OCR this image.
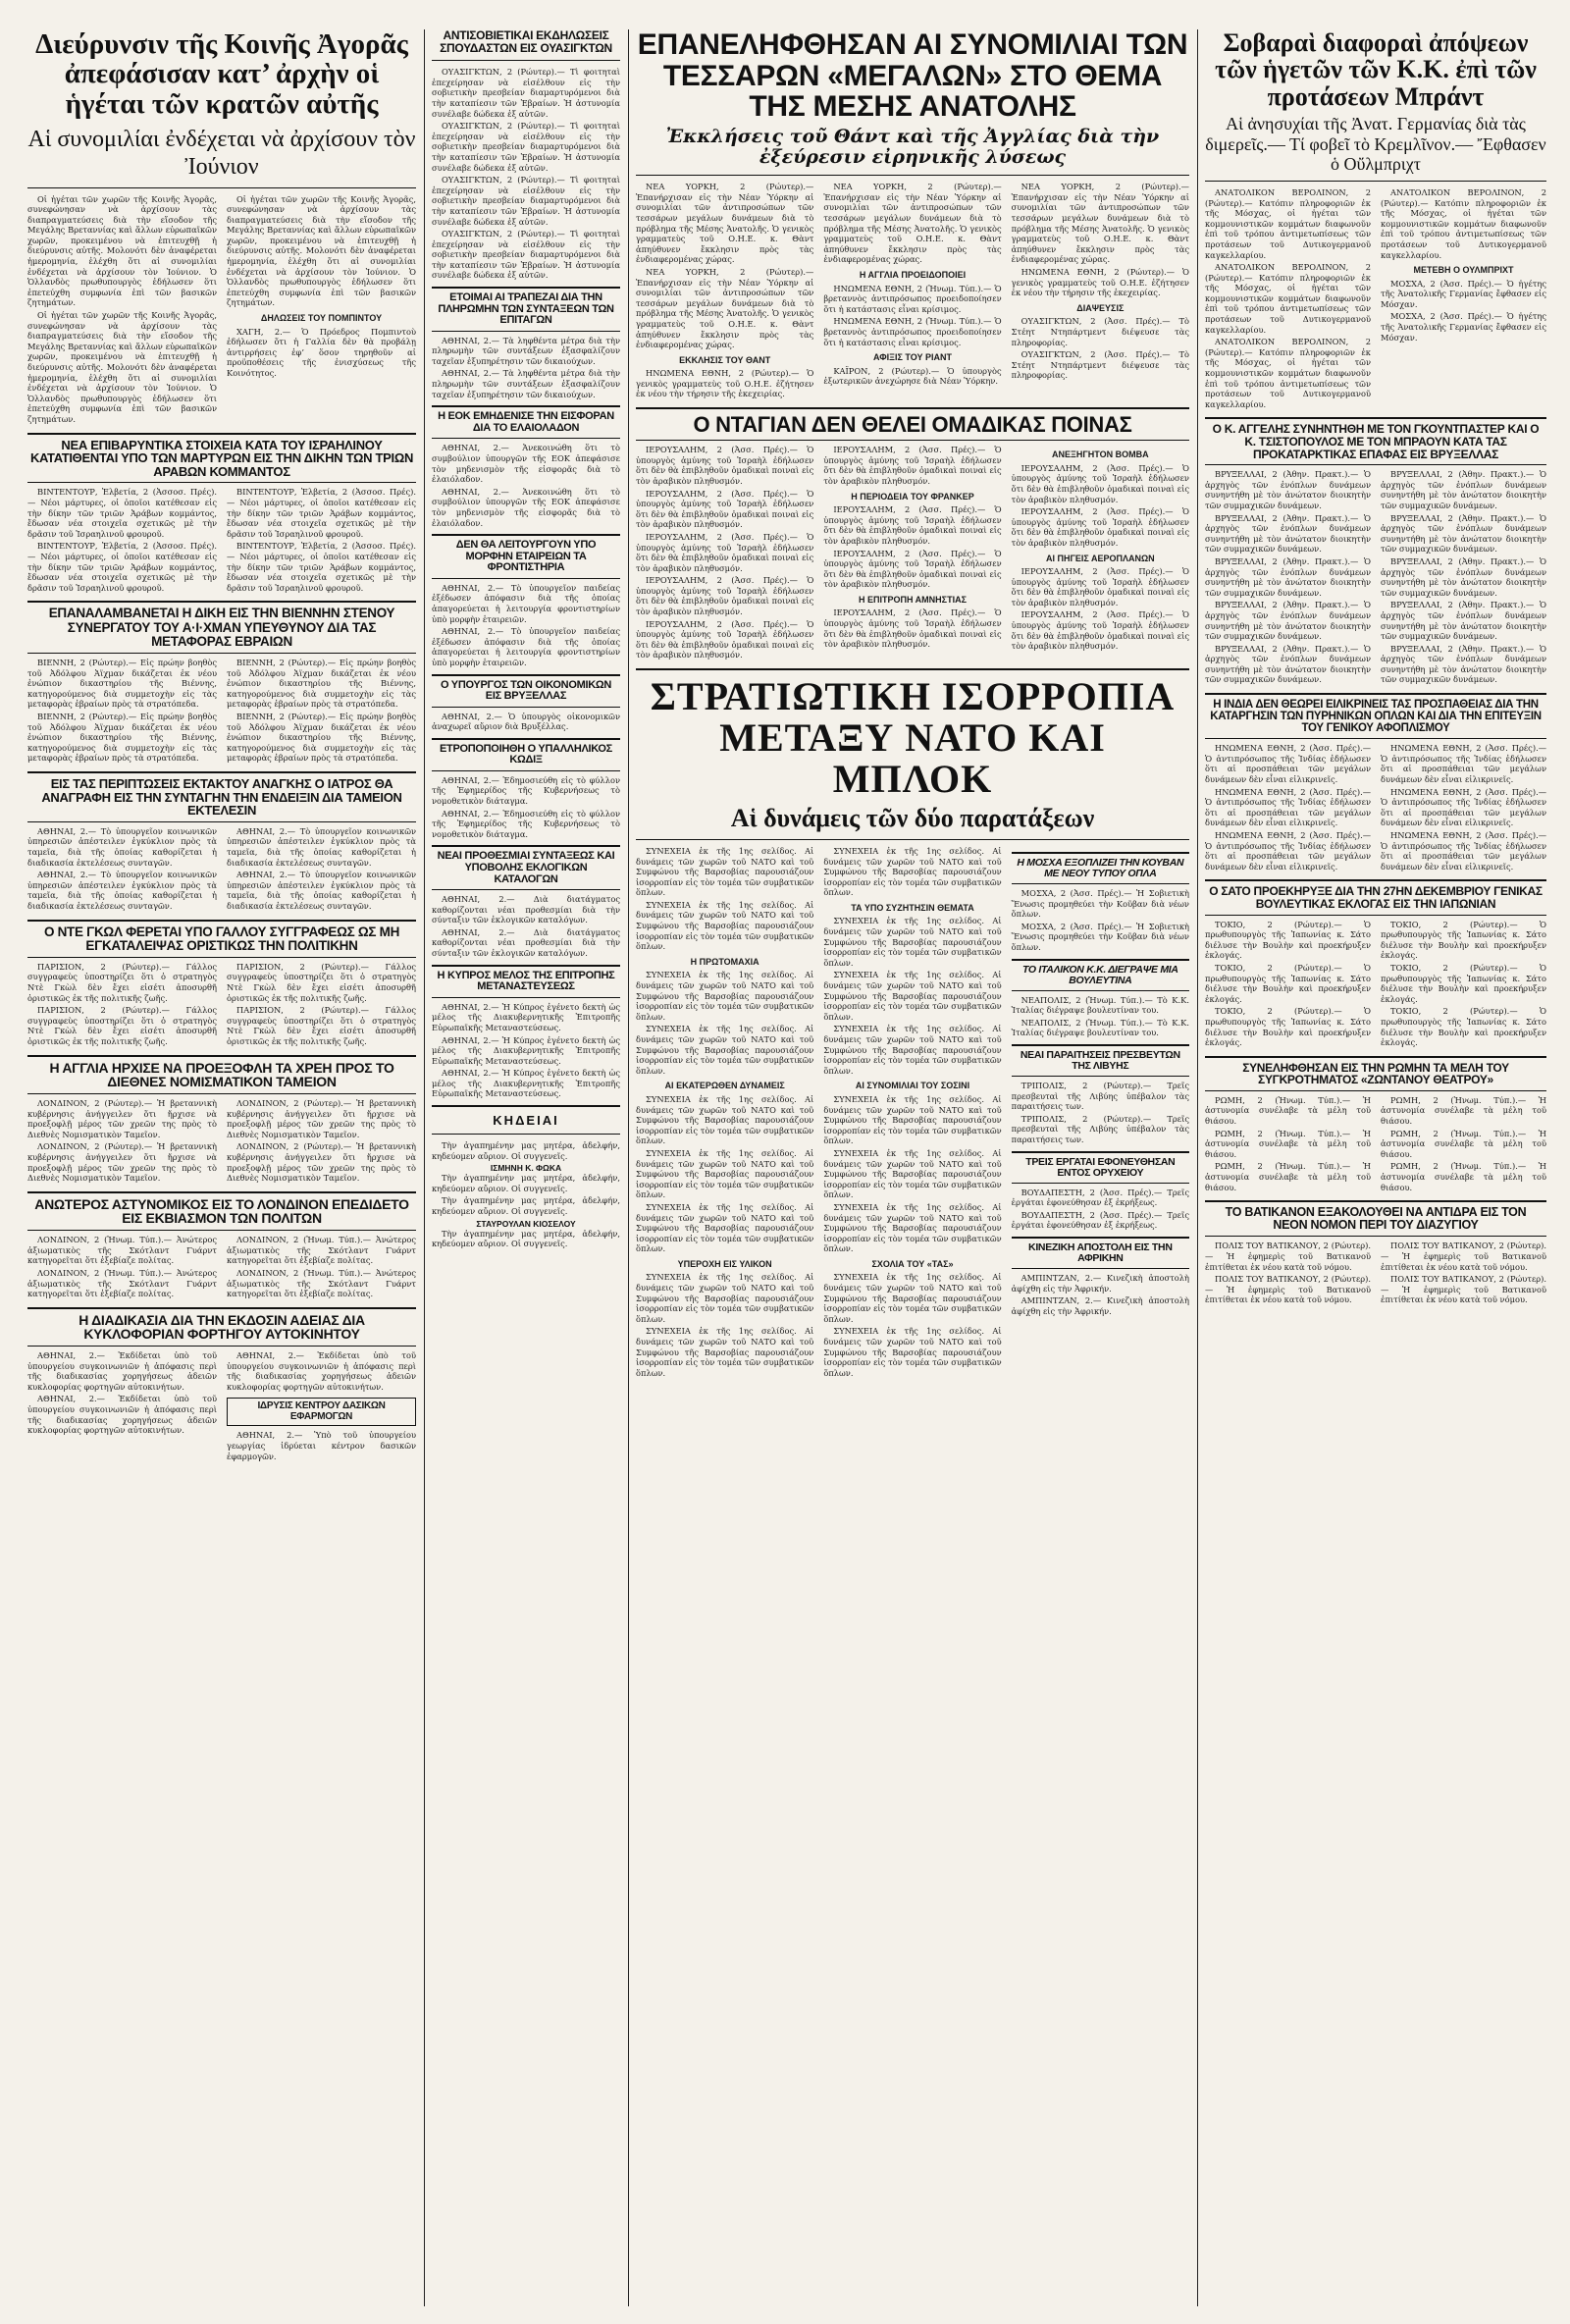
Διεύρυνσιν τῆς Κοινῆς Ἀγορᾶς ἀπεφάσισαν κατ’ ἀρχὴν οἱ ἡγέται τῶν κρατῶν αὐτῆς
Αἱ συνομιλίαι ἐνδέχεται νὰ ἀρχίσουν τὸν Ἰούνιον

Οἱ ἡγέται τῶν χωρῶν τῆς Κοινῆς Ἀγορᾶς, συνεφώνησαν νὰ ἀρχίσουν τὰς διαπραγματεύσεις διὰ τὴν εἴσοδον τῆς Μεγάλης Βρεταννίας καὶ ἄλλων εὐρωπαϊκῶν χωρῶν, προκειμένου νὰ ἐπιτευχθῇ ἡ διεύρυνσις αὐτῆς. Μολονότι δὲν ἀναφέρεται ἡμερομηνία, ἐλέχθη ὅτι αἱ συνομιλίαι ἐνδέχεται νὰ ἀρχίσουν τὸν Ἰούνιον. Ὁ Ὁλλανδὸς πρωθυπουργὸς ἐδήλωσεν ὅτι ἐπετεύχθη συμφωνία ἐπὶ τῶν βασικῶν ζητημάτων.

Οἱ ἡγέται τῶν χωρῶν τῆς Κοινῆς Ἀγορᾶς, συνεφώνησαν νὰ ἀρχίσουν τὰς διαπραγματεύσεις διὰ τὴν εἴσοδον τῆς Μεγάλης Βρεταννίας καὶ ἄλλων εὐρωπαϊκῶν χωρῶν, προκειμένου νὰ ἐπιτευχθῇ ἡ διεύρυνσις αὐτῆς. Μολονότι δὲν ἀναφέρεται ἡμερομηνία, ἐλέχθη ὅτι αἱ συνομιλίαι ἐνδέχεται νὰ ἀρχίσουν τὸν Ἰούνιον. Ὁ Ὁλλανδὸς πρωθυπουργὸς ἐδήλωσεν ὅτι ἐπετεύχθη συμφωνία ἐπὶ τῶν βασικῶν ζητημάτων.

Οἱ ἡγέται τῶν χωρῶν τῆς Κοινῆς Ἀγορᾶς, συνεφώνησαν νὰ ἀρχίσουν τὰς διαπραγματεύσεις διὰ τὴν εἴσοδον τῆς Μεγάλης Βρεταννίας καὶ ἄλλων εὐρωπαϊκῶν χωρῶν, προκειμένου νὰ ἐπιτευχθῇ ἡ διεύρυνσις αὐτῆς. Μολονότι δὲν ἀναφέρεται ἡμερομηνία, ἐλέχθη ὅτι αἱ συνομιλίαι ἐνδέχεται νὰ ἀρχίσουν τὸν Ἰούνιον. Ὁ Ὁλλανδὸς πρωθυπουργὸς ἐδήλωσεν ὅτι ἐπετεύχθη συμφωνία ἐπὶ τῶν βασικῶν ζητημάτων.

ΔΗΛΩΣΕΙΣ ΤΟΥ ΠΟΜΠΙΝΤΟΥ

ΧΑΓΗ, 2.— Ὁ Πρόεδρος Πομπιντοὺ ἐδήλωσεν ὅτι ἡ Γαλλία δὲν θὰ προβάλῃ ἀντιρρήσεις ἐφ’ ὅσον τηρηθοῦν αἱ προϋποθέσεις τῆς ἐνισχύσεως τῆς Κοινότητος.

ΝΕΑ ΕΠΙΒΑΡΥΝΤΙΚΑ ΣΤΟΙΧΕΙΑ ΚΑΤΑ ΤΟΥ ΙΣΡΑΗΛΙΝΟΥ ΚΑΤΑΤΙΘΕΝΤΑΙ ΥΠΟ ΤΩΝ ΜΑΡΤΥΡΩΝ ΕΙΣ ΤΗΝ ΔΙΚΗΝ ΤΩΝ ΤΡΙΩΝ ΑΡΑΒΩΝ ΚΟΜΜΑΝΤΟΣ

ΒΙΝΤΕΝΤΟΥΡ, Ἑλβετία, 2 (Ἀσσοσ. Πρές).— Νέοι μάρτυρες, οἱ ὁποῖοι κατέθεσαν εἰς τὴν δίκην τῶν τριῶν Ἀράβων κομμάντος, ἔδωσαν νέα στοιχεῖα σχετικῶς μὲ τὴν δρᾶσιν τοῦ Ἰσραηλινοῦ φρουροῦ.

ΒΙΝΤΕΝΤΟΥΡ, Ἑλβετία, 2 (Ἀσσοσ. Πρές).— Νέοι μάρτυρες, οἱ ὁποῖοι κατέθεσαν εἰς τὴν δίκην τῶν τριῶν Ἀράβων κομμάντος, ἔδωσαν νέα στοιχεῖα σχετικῶς μὲ τὴν δρᾶσιν τοῦ Ἰσραηλινοῦ φρουροῦ.

ΒΙΝΤΕΝΤΟΥΡ, Ἑλβετία, 2 (Ἀσσοσ. Πρές).— Νέοι μάρτυρες, οἱ ὁποῖοι κατέθεσαν εἰς τὴν δίκην τῶν τριῶν Ἀράβων κομμάντος, ἔδωσαν νέα στοιχεῖα σχετικῶς μὲ τὴν δρᾶσιν τοῦ Ἰσραηλινοῦ φρουροῦ.

ΒΙΝΤΕΝΤΟΥΡ, Ἑλβετία, 2 (Ἀσσοσ. Πρές).— Νέοι μάρτυρες, οἱ ὁποῖοι κατέθεσαν εἰς τὴν δίκην τῶν τριῶν Ἀράβων κομμάντος, ἔδωσαν νέα στοιχεῖα σχετικῶς μὲ τὴν δρᾶσιν τοῦ Ἰσραηλινοῦ φρουροῦ.

ΕΠΑΝΑΛΑΜΒΑΝΕΤΑΙ Η ΔΙΚΗ ΕΙΣ ΤΗΝ ΒΙΕΝΝΗΝ ΣΤΕΝΟΥ ΣΥΝΕΡΓΑΤΟΥ ΤΟΥ Α·Ι·ΧΜΑΝ ΥΠΕΥΘΥΝΟΥ ΔΙΑ ΤΑΣ ΜΕΤΑΦΟΡΑΣ ΕΒΡΑΙΩΝ

ΒΙΕΝΝΗ, 2 (Ρώυτερ).— Εἰς πρώην βοηθὸς τοῦ Ἀδόλφου Ἀϊχμαν δικάζεται ἐκ νέου ἐνώπιον δικαστηρίου τῆς Βιέννης, κατηγορούμενος διὰ συμμετοχὴν εἰς τὰς μεταφορὰς ἑβραίων πρὸς τὰ στρατόπεδα.

ΒΙΕΝΝΗ, 2 (Ρώυτερ).— Εἰς πρώην βοηθὸς τοῦ Ἀδόλφου Ἀϊχμαν δικάζεται ἐκ νέου ἐνώπιον δικαστηρίου τῆς Βιέννης, κατηγορούμενος διὰ συμμετοχὴν εἰς τὰς μεταφορὰς ἑβραίων πρὸς τὰ στρατόπεδα.

ΒΙΕΝΝΗ, 2 (Ρώυτερ).— Εἰς πρώην βοηθὸς τοῦ Ἀδόλφου Ἀϊχμαν δικάζεται ἐκ νέου ἐνώπιον δικαστηρίου τῆς Βιέννης, κατηγορούμενος διὰ συμμετοχὴν εἰς τὰς μεταφορὰς ἑβραίων πρὸς τὰ στρατόπεδα.

ΒΙΕΝΝΗ, 2 (Ρώυτερ).— Εἰς πρώην βοηθὸς τοῦ Ἀδόλφου Ἀϊχμαν δικάζεται ἐκ νέου ἐνώπιον δικαστηρίου τῆς Βιέννης, κατηγορούμενος διὰ συμμετοχὴν εἰς τὰς μεταφορὰς ἑβραίων πρὸς τὰ στρατόπεδα.

ΕΙΣ ΤΑΣ ΠΕΡΙΠΤΩΣΕΙΣ ΕΚΤΑΚΤΟΥ ΑΝΑΓΚΗΣ Ο ΙΑΤΡΟΣ ΘΑ ΑΝΑΓΡΑΦΗ ΕΙΣ ΤΗΝ ΣΥΝΤΑΓΗΝ ΤΗΝ ΕΝΔΕΙΞΙΝ ΔΙΑ ΤΑΜΕΙΟΝ ΕΚΤΕΛΕΣΙΝ

ΑΘΗΝΑΙ, 2.— Τὸ ὑπουργεῖον κοινωνικῶν ὑπηρεσιῶν ἀπέστειλεν ἐγκύκλιον πρὸς τὰ ταμεῖα, διὰ τῆς ὁποίας καθορίζεται ἡ διαδικασία ἐκτελέσεως συνταγῶν.

ΑΘΗΝΑΙ, 2.— Τὸ ὑπουργεῖον κοινωνικῶν ὑπηρεσιῶν ἀπέστειλεν ἐγκύκλιον πρὸς τὰ ταμεῖα, διὰ τῆς ὁποίας καθορίζεται ἡ διαδικασία ἐκτελέσεως συνταγῶν.

ΑΘΗΝΑΙ, 2.— Τὸ ὑπουργεῖον κοινωνικῶν ὑπηρεσιῶν ἀπέστειλεν ἐγκύκλιον πρὸς τὰ ταμεῖα, διὰ τῆς ὁποίας καθορίζεται ἡ διαδικασία ἐκτελέσεως συνταγῶν.

ΑΘΗΝΑΙ, 2.— Τὸ ὑπουργεῖον κοινωνικῶν ὑπηρεσιῶν ἀπέστειλεν ἐγκύκλιον πρὸς τὰ ταμεῖα, διὰ τῆς ὁποίας καθορίζεται ἡ διαδικασία ἐκτελέσεως συνταγῶν.

Ο ΝΤΕ ΓΚΩΛ ΦΕΡΕΤΑΙ ΥΠΟ ΓΑΛΛΟΥ ΣΥΓΓΡΑΦΕΩΣ ΩΣ ΜΗ ΕΓΚΑΤΑΛΕΙΨΑΣ ΟΡΙΣΤΙΚΩΣ ΤΗΝ ΠΟΛΙΤΙΚΗΝ

ΠΑΡΙΣΙΟΝ, 2 (Ρώυτερ).— Γάλλος συγγραφεὺς ὑποστηρίζει ὅτι ὁ στρατηγὸς Ντὲ Γκὼλ δὲν ἔχει εἰσέτι ἀποσυρθῆ ὁριστικῶς ἐκ τῆς πολιτικῆς ζωῆς.

ΠΑΡΙΣΙΟΝ, 2 (Ρώυτερ).— Γάλλος συγγραφεὺς ὑποστηρίζει ὅτι ὁ στρατηγὸς Ντὲ Γκὼλ δὲν ἔχει εἰσέτι ἀποσυρθῆ ὁριστικῶς ἐκ τῆς πολιτικῆς ζωῆς.

ΠΑΡΙΣΙΟΝ, 2 (Ρώυτερ).— Γάλλος συγγραφεὺς ὑποστηρίζει ὅτι ὁ στρατηγὸς Ντὲ Γκὼλ δὲν ἔχει εἰσέτι ἀποσυρθῆ ὁριστικῶς ἐκ τῆς πολιτικῆς ζωῆς.

ΠΑΡΙΣΙΟΝ, 2 (Ρώυτερ).— Γάλλος συγγραφεὺς ὑποστηρίζει ὅτι ὁ στρατηγὸς Ντὲ Γκὼλ δὲν ἔχει εἰσέτι ἀποσυρθῆ ὁριστικῶς ἐκ τῆς πολιτικῆς ζωῆς.

Η ΑΓΓΛΙΑ ΗΡΧΙΣΕ ΝΑ ΠΡΟΕΞΟΦΛΗ ΤΑ ΧΡΕΗ ΠΡΟΣ ΤΟ ΔΙΕΘΝΕΣ ΝΟΜΙΣΜΑΤΙΚΟΝ ΤΑΜΕΙΟΝ

ΛΟΝΔΙΝΟΝ, 2 (Ρώυτερ).— Ἡ βρεταννικὴ κυβέρνησις ἀνήγγειλεν ὅτι ἤρχισε νὰ προεξοφλῇ μέρος τῶν χρεῶν της πρὸς τὸ Διεθνὲς Νομισματικὸν Ταμεῖον.

ΛΟΝΔΙΝΟΝ, 2 (Ρώυτερ).— Ἡ βρεταννικὴ κυβέρνησις ἀνήγγειλεν ὅτι ἤρχισε νὰ προεξοφλῇ μέρος τῶν χρεῶν της πρὸς τὸ Διεθνὲς Νομισματικὸν Ταμεῖον.

ΛΟΝΔΙΝΟΝ, 2 (Ρώυτερ).— Ἡ βρεταννικὴ κυβέρνησις ἀνήγγειλεν ὅτι ἤρχισε νὰ προεξοφλῇ μέρος τῶν χρεῶν της πρὸς τὸ Διεθνὲς Νομισματικὸν Ταμεῖον.

ΛΟΝΔΙΝΟΝ, 2 (Ρώυτερ).— Ἡ βρεταννικὴ κυβέρνησις ἀνήγγειλεν ὅτι ἤρχισε νὰ προεξοφλῇ μέρος τῶν χρεῶν της πρὸς τὸ Διεθνὲς Νομισματικὸν Ταμεῖον.

ΑΝΩΤΕΡΟΣ ΑΣΤΥΝΟΜΙΚΟΣ ΕΙΣ ΤΟ ΛΟΝΔΙΝΟΝ ΕΠΕΔΙΔΕΤΟ ΕΙΣ ΕΚΒΙΑΣΜΟΝ ΤΩΝ ΠΟΛΙΤΩΝ

ΛΟΝΔΙΝΟΝ, 2 (Ἠνωμ. Τύπ.).— Ἀνώτερος ἀξιωματικὸς τῆς Σκότλαντ Γυάρντ κατηγορεῖται ὅτι ἐξεβίαζε πολίτας.

ΛΟΝΔΙΝΟΝ, 2 (Ἠνωμ. Τύπ.).— Ἀνώτερος ἀξιωματικὸς τῆς Σκότλαντ Γυάρντ κατηγορεῖται ὅτι ἐξεβίαζε πολίτας.

ΛΟΝΔΙΝΟΝ, 2 (Ἠνωμ. Τύπ.).— Ἀνώτερος ἀξιωματικὸς τῆς Σκότλαντ Γυάρντ κατηγορεῖται ὅτι ἐξεβίαζε πολίτας.

ΛΟΝΔΙΝΟΝ, 2 (Ἠνωμ. Τύπ.).— Ἀνώτερος ἀξιωματικὸς τῆς Σκότλαντ Γυάρντ κατηγορεῖται ὅτι ἐξεβίαζε πολίτας.

Η ΔΙΑΔΙΚΑΣΙΑ ΔΙΑ ΤΗΝ ΕΚΔΟΣΙΝ ΑΔΕΙΑΣ ΔΙΑ ΚΥΚΛΟΦΟΡΙΑΝ ΦΟΡΤΗΓΟΥ ΑΥΤΟΚΙΝΗΤΟΥ

ΑΘΗΝΑΙ, 2.— Ἐκδίδεται ὑπὸ τοῦ ὑπουργείου συγκοινωνιῶν ἡ ἀπόφασις περὶ τῆς διαδικασίας χορηγήσεως ἀδειῶν κυκλοφορίας φορτηγῶν αὐτοκινήτων.

ΑΘΗΝΑΙ, 2.— Ἐκδίδεται ὑπὸ τοῦ ὑπουργείου συγκοινωνιῶν ἡ ἀπόφασις περὶ τῆς διαδικασίας χορηγήσεως ἀδειῶν κυκλοφορίας φορτηγῶν αὐτοκινήτων.

ΑΘΗΝΑΙ, 2.— Ἐκδίδεται ὑπὸ τοῦ ὑπουργείου συγκοινωνιῶν ἡ ἀπόφασις περὶ τῆς διαδικασίας χορηγήσεως ἀδειῶν κυκλοφορίας φορτηγῶν αὐτοκινήτων.

ΙΔΡΥΣΙΣ ΚΕΝΤΡΟΥ ΔΑΣΙΚΩΝ ΕΦΑΡΜΟΓΩΝ

ΑΘΗΝΑΙ, 2.— Ὑπὸ τοῦ ὑπουργείου γεωργίας ἱδρύεται κέντρον δασικῶν ἐφαρμογῶν.

ΑΝΤΙΣΟΒΙΕΤΙΚΑΙ ΕΚΔΗΛΩΣΕΙΣ ΣΠΟΥΔΑΣΤΩΝ ΕΙΣ ΟΥΑΣΙΓΚΤΩΝ

ΟΥΑΣΙΓΚΤΩΝ, 2 (Ρώυτερ).— Τὶ φοιτηταὶ ἐπεχείρησαν νὰ εἰσέλθουν εἰς τὴν σοβιετικὴν πρεσβείαν διαμαρτυρόμενοι διὰ τὴν καταπίεσιν τῶν Ἑβραίων. Ἡ ἀστυνομία συνέλαβε δώδεκα ἐξ αὐτῶν.

ΟΥΑΣΙΓΚΤΩΝ, 2 (Ρώυτερ).— Τὶ φοιτηταὶ ἐπεχείρησαν νὰ εἰσέλθουν εἰς τὴν σοβιετικὴν πρεσβείαν διαμαρτυρόμενοι διὰ τὴν καταπίεσιν τῶν Ἑβραίων. Ἡ ἀστυνομία συνέλαβε δώδεκα ἐξ αὐτῶν.

ΟΥΑΣΙΓΚΤΩΝ, 2 (Ρώυτερ).— Τὶ φοιτηταὶ ἐπεχείρησαν νὰ εἰσέλθουν εἰς τὴν σοβιετικὴν πρεσβείαν διαμαρτυρόμενοι διὰ τὴν καταπίεσιν τῶν Ἑβραίων. Ἡ ἀστυνομία συνέλαβε δώδεκα ἐξ αὐτῶν.

ΟΥΑΣΙΓΚΤΩΝ, 2 (Ρώυτερ).— Τὶ φοιτηταὶ ἐπεχείρησαν νὰ εἰσέλθουν εἰς τὴν σοβιετικὴν πρεσβείαν διαμαρτυρόμενοι διὰ τὴν καταπίεσιν τῶν Ἑβραίων. Ἡ ἀστυνομία συνέλαβε δώδεκα ἐξ αὐτῶν.

ΕΤΟΙΜΑΙ ΑΙ ΤΡΑΠΕΖΑΙ ΔΙΑ ΤΗΝ ΠΛΗΡΩΜΗΝ ΤΩΝ ΣΥΝΤΑΞΕΩΝ ΤΩΝ ΕΠΙΤΑΓΩΝ

ΑΘΗΝΑΙ, 2.— Τὰ ληφθέντα μέτρα διὰ τὴν πληρωμὴν τῶν συντάξεων ἐξασφαλίζουν ταχεῖαν ἐξυπηρέτησιν τῶν δικαιούχων.

ΑΘΗΝΑΙ, 2.— Τὰ ληφθέντα μέτρα διὰ τὴν πληρωμὴν τῶν συντάξεων ἐξασφαλίζουν ταχεῖαν ἐξυπηρέτησιν τῶν δικαιούχων.

Η ΕΟΚ ΕΜΗΔΕΝΙΣΕ ΤΗΝ ΕΙΣΦΟΡΑΝ ΔΙΑ ΤΟ ΕΛΑΙΟΛΑΔΟΝ

ΑΘΗΝΑΙ, 2.— Ἀνεκοινώθη ὅτι τὸ συμβούλιον ὑπουργῶν τῆς ΕΟΚ ἀπεφάσισε τὸν μηδενισμὸν τῆς εἰσφορᾶς διὰ τὸ ἐλαιόλαδον.

ΑΘΗΝΑΙ, 2.— Ἀνεκοινώθη ὅτι τὸ συμβούλιον ὑπουργῶν τῆς ΕΟΚ ἀπεφάσισε τὸν μηδενισμὸν τῆς εἰσφορᾶς διὰ τὸ ἐλαιόλαδον.

ΔΕΝ ΘΑ ΛΕΙΤΟΥΡΓΟΥΝ ΥΠΟ ΜΟΡΦΗΝ ΕΤΑΙΡΕΙΩΝ ΤΑ ΦΡΟΝΤΙΣΤΗΡΙΑ

ΑΘΗΝΑΙ, 2.— Τὸ ὑπουργεῖον παιδείας ἐξέδωσεν ἀπόφασιν διὰ τῆς ὁποίας ἀπαγορεύεται ἡ λειτουργία φροντιστηρίων ὑπὸ μορφὴν ἑταιρειῶν.

ΑΘΗΝΑΙ, 2.— Τὸ ὑπουργεῖον παιδείας ἐξέδωσεν ἀπόφασιν διὰ τῆς ὁποίας ἀπαγορεύεται ἡ λειτουργία φροντιστηρίων ὑπὸ μορφὴν ἑταιρειῶν.

Ο ΥΠΟΥΡΓΟΣ ΤΩΝ ΟΙΚΟΝΟΜΙΚΩΝ ΕΙΣ ΒΡΥΞΕΛΛΑΣ

ΑΘΗΝΑΙ, 2.— Ὁ ὑπουργὸς οἰκονομικῶν ἀναχωρεῖ αὔριον διὰ Βρυξέλλας.

ΕΤΡΟΠΟΠΟΙΗΘΗ Ο ΥΠΑΛΛΗΛΙΚΟΣ ΚΩΔΙΞ

ΑΘΗΝΑΙ, 2.— Ἐδημοσιεύθη εἰς τὸ φύλλον τῆς Ἐφημερίδος τῆς Κυβερνήσεως τὸ νομοθετικὸν διάταγμα.

ΑΘΗΝΑΙ, 2.— Ἐδημοσιεύθη εἰς τὸ φύλλον τῆς Ἐφημερίδος τῆς Κυβερνήσεως τὸ νομοθετικὸν διάταγμα.

ΝΕΑΙ ΠΡΟΘΕΣΜΙΑΙ ΣΥΝΤΑΞΕΩΣ ΚΑΙ ΥΠΟΒΟΛΗΣ ΕΚΛΟΓΙΚΩΝ ΚΑΤΑΛΟΓΩΝ

ΑΘΗΝΑΙ, 2.— Διὰ διατάγματος καθορίζονται νέαι προθεσμίαι διὰ τὴν σύνταξιν τῶν ἐκλογικῶν καταλόγων.

ΑΘΗΝΑΙ, 2.— Διὰ διατάγματος καθορίζονται νέαι προθεσμίαι διὰ τὴν σύνταξιν τῶν ἐκλογικῶν καταλόγων.

Η ΚΥΠΡΟΣ ΜΕΛΟΣ ΤΗΣ ΕΠΙΤΡΟΠΗΣ ΜΕΤΑΝΑΣΤΕΥΣΕΩΣ

ΑΘΗΝΑΙ, 2.— Ἡ Κύπρος ἐγένετο δεκτὴ ὡς μέλος τῆς Διακυβερνητικῆς Ἐπιτροπῆς Εὐρωπαϊκῆς Μεταναστεύσεως.

ΑΘΗΝΑΙ, 2.— Ἡ Κύπρος ἐγένετο δεκτὴ ὡς μέλος τῆς Διακυβερνητικῆς Ἐπιτροπῆς Εὐρωπαϊκῆς Μεταναστεύσεως.

ΑΘΗΝΑΙ, 2.— Ἡ Κύπρος ἐγένετο δεκτὴ ὡς μέλος τῆς Διακυβερνητικῆς Ἐπιτροπῆς Εὐρωπαϊκῆς Μεταναστεύσεως.

ΚΗΔΕΙΑΙ

Τὴν ἀγαπημένην μας μητέρα, ἀδελφήν, κηδεύομεν αὔριον. Οἱ συγγενεῖς.

ΙΣΜΗΝΗ Κ. ΦΩΚΑ

Τὴν ἀγαπημένην μας μητέρα, ἀδελφήν, κηδεύομεν αὔριον. Οἱ συγγενεῖς.

Τὴν ἀγαπημένην μας μητέρα, ἀδελφήν, κηδεύομεν αὔριον. Οἱ συγγενεῖς.

ΣΤΑΥΡΟΥΛΑΝ ΚΙΟΣΕΛΟΥ

Τὴν ἀγαπημένην μας μητέρα, ἀδελφήν, κηδεύομεν αὔριον. Οἱ συγγενεῖς.

ΕΠΑΝΕΛΗΦΘΗΣΑΝ ΑΙ ΣΥΝΟΜΙΛΙΑΙ ΤΩΝ ΤΕΣΣΑΡΩΝ «ΜΕΓΑΛΩΝ» ΣΤΟ ΘΕΜΑ ΤΗΣ ΜΕΣΗΣ ΑΝΑΤΟΛΗΣ
Ἐκκλήσεις τοῦ Θάντ καὶ τῆς Ἀγγλίας διὰ τὴν ἐξεύρεσιν εἰρηνικῆς λύσεως

ΝΕΑ ΥΟΡΚΗ, 2 (Ρώυτερ).— Ἐπανήρχισαν εἰς τὴν Νέαν Ὑόρκην αἱ συνομιλίαι τῶν ἀντιπροσώπων τῶν τεσσάρων μεγάλων δυνάμεων διὰ τὸ πρόβλημα τῆς Μέσης Ἀνατολῆς. Ὁ γενικὸς γραμματεὺς τοῦ Ο.Η.Ε. κ. Θὰντ ἀπηύθυνεν ἔκκλησιν πρὸς τὰς ἐνδιαφερομένας χώρας.

ΝΕΑ ΥΟΡΚΗ, 2 (Ρώυτερ).— Ἐπανήρχισαν εἰς τὴν Νέαν Ὑόρκην αἱ συνομιλίαι τῶν ἀντιπροσώπων τῶν τεσσάρων μεγάλων δυνάμεων διὰ τὸ πρόβλημα τῆς Μέσης Ἀνατολῆς. Ὁ γενικὸς γραμματεὺς τοῦ Ο.Η.Ε. κ. Θὰντ ἀπηύθυνεν ἔκκλησιν πρὸς τὰς ἐνδιαφερομένας χώρας.

ΕΚΚΛΗΣΙΣ ΤΟΥ ΘΑΝΤ

ΗΝΩΜΕΝΑ ΕΘΝΗ, 2 (Ρώυτερ).— Ὁ γενικὸς γραμματεὺς τοῦ Ο.Η.Ε. ἐζήτησεν ἐκ νέου τὴν τήρησιν τῆς ἐκεχειρίας.

ΝΕΑ ΥΟΡΚΗ, 2 (Ρώυτερ).— Ἐπανήρχισαν εἰς τὴν Νέαν Ὑόρκην αἱ συνομιλίαι τῶν ἀντιπροσώπων τῶν τεσσάρων μεγάλων δυνάμεων διὰ τὸ πρόβλημα τῆς Μέσης Ἀνατολῆς. Ὁ γενικὸς γραμματεὺς τοῦ Ο.Η.Ε. κ. Θὰντ ἀπηύθυνεν ἔκκλησιν πρὸς τὰς ἐνδιαφερομένας χώρας.

Η ΑΓΓΛΙΑ ΠΡΟΕΙΔΟΠΟΙΕΙ

ΗΝΩΜΕΝΑ ΕΘΝΗ, 2 (Ἠνωμ. Τύπ.).— Ὁ βρεταννὸς ἀντιπρόσωπος προειδοποίησεν ὅτι ἡ κατάστασις εἶναι κρίσιμος.

ΗΝΩΜΕΝΑ ΕΘΝΗ, 2 (Ἠνωμ. Τύπ.).— Ὁ βρεταννὸς ἀντιπρόσωπος προειδοποίησεν ὅτι ἡ κατάστασις εἶναι κρίσιμος.

ΑΦΙΞΙΣ ΤΟΥ ΡΙΑΝΤ

ΚΑΪΡΟΝ, 2 (Ρώυτερ).— Ὁ ὑπουργὸς ἐξωτερικῶν ἀνεχώρησε διὰ Νέαν Ὑόρκην.

ΝΕΑ ΥΟΡΚΗ, 2 (Ρώυτερ).— Ἐπανήρχισαν εἰς τὴν Νέαν Ὑόρκην αἱ συνομιλίαι τῶν ἀντιπροσώπων τῶν τεσσάρων μεγάλων δυνάμεων διὰ τὸ πρόβλημα τῆς Μέσης Ἀνατολῆς. Ὁ γενικὸς γραμματεὺς τοῦ Ο.Η.Ε. κ. Θὰντ ἀπηύθυνεν ἔκκλησιν πρὸς τὰς ἐνδιαφερομένας χώρας.

ΗΝΩΜΕΝΑ ΕΘΝΗ, 2 (Ρώυτερ).— Ὁ γενικὸς γραμματεὺς τοῦ Ο.Η.Ε. ἐζήτησεν ἐκ νέου τὴν τήρησιν τῆς ἐκεχειρίας.

ΔΙΑΨΕΥΣΙΣ

ΟΥΑΣΙΓΚΤΩΝ, 2 (Ἀσσ. Πρές).— Τὸ Στέητ Ντηπάρτμεντ διέψευσε τὰς πληροφορίας.

ΟΥΑΣΙΓΚΤΩΝ, 2 (Ἀσσ. Πρές).— Τὸ Στέητ Ντηπάρτμεντ διέψευσε τὰς πληροφορίας.

Ο ΝΤΑΓΙΑΝ ΔΕΝ ΘΕΛΕΙ ΟΜΑΔΙΚΑΣ ΠΟΙΝΑΣ

ΙΕΡΟΥΣΑΛΗΜ, 2 (Ἀσσ. Πρές).— Ὁ ὑπουργὸς ἀμύνης τοῦ Ἰσραὴλ ἐδήλωσεν ὅτι δὲν θὰ ἐπιβληθοῦν ὁμαδικαὶ ποιναὶ εἰς τὸν ἀραβικὸν πληθυσμόν.

ΙΕΡΟΥΣΑΛΗΜ, 2 (Ἀσσ. Πρές).— Ὁ ὑπουργὸς ἀμύνης τοῦ Ἰσραὴλ ἐδήλωσεν ὅτι δὲν θὰ ἐπιβληθοῦν ὁμαδικαὶ ποιναὶ εἰς τὸν ἀραβικὸν πληθυσμόν.

ΙΕΡΟΥΣΑΛΗΜ, 2 (Ἀσσ. Πρές).— Ὁ ὑπουργὸς ἀμύνης τοῦ Ἰσραὴλ ἐδήλωσεν ὅτι δὲν θὰ ἐπιβληθοῦν ὁμαδικαὶ ποιναὶ εἰς τὸν ἀραβικὸν πληθυσμόν.

ΙΕΡΟΥΣΑΛΗΜ, 2 (Ἀσσ. Πρές).— Ὁ ὑπουργὸς ἀμύνης τοῦ Ἰσραὴλ ἐδήλωσεν ὅτι δὲν θὰ ἐπιβληθοῦν ὁμαδικαὶ ποιναὶ εἰς τὸν ἀραβικὸν πληθυσμόν.

ΙΕΡΟΥΣΑΛΗΜ, 2 (Ἀσσ. Πρές).— Ὁ ὑπουργὸς ἀμύνης τοῦ Ἰσραὴλ ἐδήλωσεν ὅτι δὲν θὰ ἐπιβληθοῦν ὁμαδικαὶ ποιναὶ εἰς τὸν ἀραβικὸν πληθυσμόν.

ΙΕΡΟΥΣΑΛΗΜ, 2 (Ἀσσ. Πρές).— Ὁ ὑπουργὸς ἀμύνης τοῦ Ἰσραὴλ ἐδήλωσεν ὅτι δὲν θὰ ἐπιβληθοῦν ὁμαδικαὶ ποιναὶ εἰς τὸν ἀραβικὸν πληθυσμόν.

Η ΠΕΡΙΟΔΕΙΑ ΤΟΥ ΦΡΑΝΚΕΡ

ΙΕΡΟΥΣΑΛΗΜ, 2 (Ἀσσ. Πρές).— Ὁ ὑπουργὸς ἀμύνης τοῦ Ἰσραὴλ ἐδήλωσεν ὅτι δὲν θὰ ἐπιβληθοῦν ὁμαδικαὶ ποιναὶ εἰς τὸν ἀραβικὸν πληθυσμόν.

ΙΕΡΟΥΣΑΛΗΜ, 2 (Ἀσσ. Πρές).— Ὁ ὑπουργὸς ἀμύνης τοῦ Ἰσραὴλ ἐδήλωσεν ὅτι δὲν θὰ ἐπιβληθοῦν ὁμαδικαὶ ποιναὶ εἰς τὸν ἀραβικὸν πληθυσμόν.

Η ΕΠΙΤΡΟΠΗ ΑΜΝΗΣΤΙΑΣ

ΙΕΡΟΥΣΑΛΗΜ, 2 (Ἀσσ. Πρές).— Ὁ ὑπουργὸς ἀμύνης τοῦ Ἰσραὴλ ἐδήλωσεν ὅτι δὲν θὰ ἐπιβληθοῦν ὁμαδικαὶ ποιναὶ εἰς τὸν ἀραβικὸν πληθυσμόν.

ΑΝΕΞΗΓΗΤΟΝ ΒΟΜΒΑ

ΙΕΡΟΥΣΑΛΗΜ, 2 (Ἀσσ. Πρές).— Ὁ ὑπουργὸς ἀμύνης τοῦ Ἰσραὴλ ἐδήλωσεν ὅτι δὲν θὰ ἐπιβληθοῦν ὁμαδικαὶ ποιναὶ εἰς τὸν ἀραβικὸν πληθυσμόν.

ΙΕΡΟΥΣΑΛΗΜ, 2 (Ἀσσ. Πρές).— Ὁ ὑπουργὸς ἀμύνης τοῦ Ἰσραὴλ ἐδήλωσεν ὅτι δὲν θὰ ἐπιβληθοῦν ὁμαδικαὶ ποιναὶ εἰς τὸν ἀραβικὸν πληθυσμόν.

ΑΙ ΠΗΓΕΙΣ ΑΕΡΟΠΛΑΝΩΝ

ΙΕΡΟΥΣΑΛΗΜ, 2 (Ἀσσ. Πρές).— Ὁ ὑπουργὸς ἀμύνης τοῦ Ἰσραὴλ ἐδήλωσεν ὅτι δὲν θὰ ἐπιβληθοῦν ὁμαδικαὶ ποιναὶ εἰς τὸν ἀραβικὸν πληθυσμόν.

ΙΕΡΟΥΣΑΛΗΜ, 2 (Ἀσσ. Πρές).— Ὁ ὑπουργὸς ἀμύνης τοῦ Ἰσραὴλ ἐδήλωσεν ὅτι δὲν θὰ ἐπιβληθοῦν ὁμαδικαὶ ποιναὶ εἰς τὸν ἀραβικὸν πληθυσμόν.

ΣΤΡΑΤΙΩΤΙΚΗ ΙΣΟΡΡΟΠΙΑ ΜΕΤΑΞΥ ΝΑΤΟ ΚΑΙ ΜΠΛΟΚ
Αἱ δυνάμεις τῶν δύο παρατάξεων

ΣΥΝΕΧΕΙΑ ἐκ τῆς 1ης σελίδος. Αἱ δυνάμεις τῶν χωρῶν τοῦ ΝΑΤΟ καὶ τοῦ Συμφώνου τῆς Βαρσοβίας παρουσιάζουν ἰσορροπίαν εἰς τὸν τομέα τῶν συμβατικῶν ὅπλων.

ΣΥΝΕΧΕΙΑ ἐκ τῆς 1ης σελίδος. Αἱ δυνάμεις τῶν χωρῶν τοῦ ΝΑΤΟ καὶ τοῦ Συμφώνου τῆς Βαρσοβίας παρουσιάζουν ἰσορροπίαν εἰς τὸν τομέα τῶν συμβατικῶν ὅπλων.

Η ΠΡΩΤΟΜΑΧΙΑ

ΣΥΝΕΧΕΙΑ ἐκ τῆς 1ης σελίδος. Αἱ δυνάμεις τῶν χωρῶν τοῦ ΝΑΤΟ καὶ τοῦ Συμφώνου τῆς Βαρσοβίας παρουσιάζουν ἰσορροπίαν εἰς τὸν τομέα τῶν συμβατικῶν ὅπλων.

ΣΥΝΕΧΕΙΑ ἐκ τῆς 1ης σελίδος. Αἱ δυνάμεις τῶν χωρῶν τοῦ ΝΑΤΟ καὶ τοῦ Συμφώνου τῆς Βαρσοβίας παρουσιάζουν ἰσορροπίαν εἰς τὸν τομέα τῶν συμβατικῶν ὅπλων.

ΑΙ ΕΚΑΤΕΡΩΘΕΝ ΔΥΝΑΜΕΙΣ

ΣΥΝΕΧΕΙΑ ἐκ τῆς 1ης σελίδος. Αἱ δυνάμεις τῶν χωρῶν τοῦ ΝΑΤΟ καὶ τοῦ Συμφώνου τῆς Βαρσοβίας παρουσιάζουν ἰσορροπίαν εἰς τὸν τομέα τῶν συμβατικῶν ὅπλων.

ΣΥΝΕΧΕΙΑ ἐκ τῆς 1ης σελίδος. Αἱ δυνάμεις τῶν χωρῶν τοῦ ΝΑΤΟ καὶ τοῦ Συμφώνου τῆς Βαρσοβίας παρουσιάζουν ἰσορροπίαν εἰς τὸν τομέα τῶν συμβατικῶν ὅπλων.

ΣΥΝΕΧΕΙΑ ἐκ τῆς 1ης σελίδος. Αἱ δυνάμεις τῶν χωρῶν τοῦ ΝΑΤΟ καὶ τοῦ Συμφώνου τῆς Βαρσοβίας παρουσιάζουν ἰσορροπίαν εἰς τὸν τομέα τῶν συμβατικῶν ὅπλων.

ΥΠΕΡΟΧΗ ΕΙΣ ΥΛΙΚΟΝ

ΣΥΝΕΧΕΙΑ ἐκ τῆς 1ης σελίδος. Αἱ δυνάμεις τῶν χωρῶν τοῦ ΝΑΤΟ καὶ τοῦ Συμφώνου τῆς Βαρσοβίας παρουσιάζουν ἰσορροπίαν εἰς τὸν τομέα τῶν συμβατικῶν ὅπλων.

ΣΥΝΕΧΕΙΑ ἐκ τῆς 1ης σελίδος. Αἱ δυνάμεις τῶν χωρῶν τοῦ ΝΑΤΟ καὶ τοῦ Συμφώνου τῆς Βαρσοβίας παρουσιάζουν ἰσορροπίαν εἰς τὸν τομέα τῶν συμβατικῶν ὅπλων.

ΣΥΝΕΧΕΙΑ ἐκ τῆς 1ης σελίδος. Αἱ δυνάμεις τῶν χωρῶν τοῦ ΝΑΤΟ καὶ τοῦ Συμφώνου τῆς Βαρσοβίας παρουσιάζουν ἰσορροπίαν εἰς τὸν τομέα τῶν συμβατικῶν ὅπλων.

ΤΑ ΥΠΟ ΣΥΖΗΤΗΣΙΝ ΘΕΜΑΤΑ

ΣΥΝΕΧΕΙΑ ἐκ τῆς 1ης σελίδος. Αἱ δυνάμεις τῶν χωρῶν τοῦ ΝΑΤΟ καὶ τοῦ Συμφώνου τῆς Βαρσοβίας παρουσιάζουν ἰσορροπίαν εἰς τὸν τομέα τῶν συμβατικῶν ὅπλων.

ΣΥΝΕΧΕΙΑ ἐκ τῆς 1ης σελίδος. Αἱ δυνάμεις τῶν χωρῶν τοῦ ΝΑΤΟ καὶ τοῦ Συμφώνου τῆς Βαρσοβίας παρουσιάζουν ἰσορροπίαν εἰς τὸν τομέα τῶν συμβατικῶν ὅπλων.

ΣΥΝΕΧΕΙΑ ἐκ τῆς 1ης σελίδος. Αἱ δυνάμεις τῶν χωρῶν τοῦ ΝΑΤΟ καὶ τοῦ Συμφώνου τῆς Βαρσοβίας παρουσιάζουν ἰσορροπίαν εἰς τὸν τομέα τῶν συμβατικῶν ὅπλων.

ΑΙ ΣΥΝΟΜΙΛΙΑΙ ΤΟΥ ΣΟΣΙΝΙ

ΣΥΝΕΧΕΙΑ ἐκ τῆς 1ης σελίδος. Αἱ δυνάμεις τῶν χωρῶν τοῦ ΝΑΤΟ καὶ τοῦ Συμφώνου τῆς Βαρσοβίας παρουσιάζουν ἰσορροπίαν εἰς τὸν τομέα τῶν συμβατικῶν ὅπλων.

ΣΥΝΕΧΕΙΑ ἐκ τῆς 1ης σελίδος. Αἱ δυνάμεις τῶν χωρῶν τοῦ ΝΑΤΟ καὶ τοῦ Συμφώνου τῆς Βαρσοβίας παρουσιάζουν ἰσορροπίαν εἰς τὸν τομέα τῶν συμβατικῶν ὅπλων.

ΣΥΝΕΧΕΙΑ ἐκ τῆς 1ης σελίδος. Αἱ δυνάμεις τῶν χωρῶν τοῦ ΝΑΤΟ καὶ τοῦ Συμφώνου τῆς Βαρσοβίας παρουσιάζουν ἰσορροπίαν εἰς τὸν τομέα τῶν συμβατικῶν ὅπλων.

ΣΧΟΛΙΑ ΤΟΥ «ΤΑΣ»

ΣΥΝΕΧΕΙΑ ἐκ τῆς 1ης σελίδος. Αἱ δυνάμεις τῶν χωρῶν τοῦ ΝΑΤΟ καὶ τοῦ Συμφώνου τῆς Βαρσοβίας παρουσιάζουν ἰσορροπίαν εἰς τὸν τομέα τῶν συμβατικῶν ὅπλων.

ΣΥΝΕΧΕΙΑ ἐκ τῆς 1ης σελίδος. Αἱ δυνάμεις τῶν χωρῶν τοῦ ΝΑΤΟ καὶ τοῦ Συμφώνου τῆς Βαρσοβίας παρουσιάζουν ἰσορροπίαν εἰς τὸν τομέα τῶν συμβατικῶν ὅπλων.

Η ΜΟΣΧΑ ΕΞΟΠΛΙΖΕΙ ΤΗΝ ΚΟΥΒΑΝ ΜΕ ΝΕΟΥ ΤΥΠΟΥ ΟΠΛΑ

ΜΟΣΧΑ, 2 (Ἀσσ. Πρές).— Ἡ Σοβιετικὴ Ἕνωσις προμηθεύει τὴν Κοῦβαν διὰ νέων ὅπλων.

ΜΟΣΧΑ, 2 (Ἀσσ. Πρές).— Ἡ Σοβιετικὴ Ἕνωσις προμηθεύει τὴν Κοῦβαν διὰ νέων ὅπλων.

ΤΟ ΙΤΑΛΙΚΟΝ Κ.Κ. ΔΙΕΓΡΑΨΕ ΜΙΑ ΒΟΥΛΕΥΤΙΝΑ

ΝΕΑΠΟΛΙΣ, 2 (Ἠνωμ. Τύπ.).— Τὸ Κ.Κ. Ἰταλίας διέγραψε βουλευτίναν του.

ΝΕΑΠΟΛΙΣ, 2 (Ἠνωμ. Τύπ.).— Τὸ Κ.Κ. Ἰταλίας διέγραψε βουλευτίναν του.

ΝΕΑΙ ΠΑΡΑΙΤΗΣΕΙΣ ΠΡΕΣΒΕΥΤΩΝ ΤΗΣ ΛΙΒΥΗΣ

ΤΡΙΠΟΛΙΣ, 2 (Ρώυτερ).— Τρεῖς πρεσβευταὶ τῆς Λιβύης ὑπέβαλον τὰς παραιτήσεις των.

ΤΡΙΠΟΛΙΣ, 2 (Ρώυτερ).— Τρεῖς πρεσβευταὶ τῆς Λιβύης ὑπέβαλον τὰς παραιτήσεις των.

ΤΡΕΙΣ ΕΡΓΑΤΑΙ ΕΦΟΝΕΥΘΗΣΑΝ ΕΝΤΟΣ ΟΡΥΧΕΙΟΥ

ΒΟΥΔΑΠΕΣΤΗ, 2 (Ἀσσ. Πρές).— Τρεῖς ἐργάται ἐφονεύθησαν ἐξ ἐκρήξεως.

ΒΟΥΔΑΠΕΣΤΗ, 2 (Ἀσσ. Πρές).— Τρεῖς ἐργάται ἐφονεύθησαν ἐξ ἐκρήξεως.

ΚΙΝΕΖΙΚΗ ΑΠΟΣΤΟΛΗ ΕΙΣ ΤΗΝ ΑΦΡΙΚΗΝ

ΑΜΠΙΝΤΖΑΝ, 2.— Κινεζικὴ ἀποστολὴ ἀφίχθη εἰς τὴν Ἀφρικήν.

ΑΜΠΙΝΤΖΑΝ, 2.— Κινεζικὴ ἀποστολὴ ἀφίχθη εἰς τὴν Ἀφρικήν.

Σοβαραὶ διαφοραὶ ἀπόψεων τῶν ἡγετῶν τῶν Κ.Κ. ἐπὶ τῶν προτάσεων Μπράντ
Αἱ ἀνησυχίαι τῆς Ἀνατ. Γερμανίας διὰ τὰς διμερεῖς.— Τί φοβεῖ τὸ Κρεμλῖνον.— Ἔφθασεν ὁ Οὔλμπριχτ

ΑΝΑΤΟΛΙΚΟΝ ΒΕΡΟΛΙΝΟΝ, 2 (Ρώυτερ).— Κατόπιν πληροφοριῶν ἐκ τῆς Μόσχας, οἱ ἡγέται τῶν κομμουνιστικῶν κομμάτων διαφωνοῦν ἐπὶ τοῦ τρόπου ἀντιμετωπίσεως τῶν προτάσεων τοῦ Δυτικογερμανοῦ καγκελλαρίου.

ΑΝΑΤΟΛΙΚΟΝ ΒΕΡΟΛΙΝΟΝ, 2 (Ρώυτερ).— Κατόπιν πληροφοριῶν ἐκ τῆς Μόσχας, οἱ ἡγέται τῶν κομμουνιστικῶν κομμάτων διαφωνοῦν ἐπὶ τοῦ τρόπου ἀντιμετωπίσεως τῶν προτάσεων τοῦ Δυτικογερμανοῦ καγκελλαρίου.

ΑΝΑΤΟΛΙΚΟΝ ΒΕΡΟΛΙΝΟΝ, 2 (Ρώυτερ).— Κατόπιν πληροφοριῶν ἐκ τῆς Μόσχας, οἱ ἡγέται τῶν κομμουνιστικῶν κομμάτων διαφωνοῦν ἐπὶ τοῦ τρόπου ἀντιμετωπίσεως τῶν προτάσεων τοῦ Δυτικογερμανοῦ καγκελλαρίου.

ΑΝΑΤΟΛΙΚΟΝ ΒΕΡΟΛΙΝΟΝ, 2 (Ρώυτερ).— Κατόπιν πληροφοριῶν ἐκ τῆς Μόσχας, οἱ ἡγέται τῶν κομμουνιστικῶν κομμάτων διαφωνοῦν ἐπὶ τοῦ τρόπου ἀντιμετωπίσεως τῶν προτάσεων τοῦ Δυτικογερμανοῦ καγκελλαρίου.

ΜΕΤΕΒΗ Ο ΟΥΛΜΠΡΙΧΤ

ΜΟΣΧΑ, 2 (Ἀσσ. Πρές).— Ὁ ἡγέτης τῆς Ἀνατολικῆς Γερμανίας ἔφθασεν εἰς Μόσχαν.

ΜΟΣΧΑ, 2 (Ἀσσ. Πρές).— Ὁ ἡγέτης τῆς Ἀνατολικῆς Γερμανίας ἔφθασεν εἰς Μόσχαν.

Ο Κ. ΑΓΓΕΛΗΣ ΣΥΝΗΝΤΗΘΗ ΜΕ ΤΟΝ ΓΚΟΥΝΤΠΑΣΤΕΡ ΚΑΙ Ο Κ. ΤΣΙΣΤΟΠΟΥΛΟΣ ΜΕ ΤΟΝ ΜΠΡΑΟΥΝ ΚΑΤΑ ΤΑΣ ΠΡΟΚΑΤΑΡΚΤΙΚΑΣ ΕΠΑΦΑΣ ΕΙΣ ΒΡΥΞΕΛΛΑΣ

ΒΡΥΞΕΛΛΑΙ, 2 (Ἀθην. Πρακτ.).— Ὁ ἀρχηγὸς τῶν ἐνόπλων δυνάμεων συνηντήθη μὲ τὸν ἀνώτατον διοικητὴν τῶν συμμαχικῶν δυνάμεων.

ΒΡΥΞΕΛΛΑΙ, 2 (Ἀθην. Πρακτ.).— Ὁ ἀρχηγὸς τῶν ἐνόπλων δυνάμεων συνηντήθη μὲ τὸν ἀνώτατον διοικητὴν τῶν συμμαχικῶν δυνάμεων.

ΒΡΥΞΕΛΛΑΙ, 2 (Ἀθην. Πρακτ.).— Ὁ ἀρχηγὸς τῶν ἐνόπλων δυνάμεων συνηντήθη μὲ τὸν ἀνώτατον διοικητὴν τῶν συμμαχικῶν δυνάμεων.

ΒΡΥΞΕΛΛΑΙ, 2 (Ἀθην. Πρακτ.).— Ὁ ἀρχηγὸς τῶν ἐνόπλων δυνάμεων συνηντήθη μὲ τὸν ἀνώτατον διοικητὴν τῶν συμμαχικῶν δυνάμεων.

ΒΡΥΞΕΛΛΑΙ, 2 (Ἀθην. Πρακτ.).— Ὁ ἀρχηγὸς τῶν ἐνόπλων δυνάμεων συνηντήθη μὲ τὸν ἀνώτατον διοικητὴν τῶν συμμαχικῶν δυνάμεων.

ΒΡΥΞΕΛΛΑΙ, 2 (Ἀθην. Πρακτ.).— Ὁ ἀρχηγὸς τῶν ἐνόπλων δυνάμεων συνηντήθη μὲ τὸν ἀνώτατον διοικητὴν τῶν συμμαχικῶν δυνάμεων.

ΒΡΥΞΕΛΛΑΙ, 2 (Ἀθην. Πρακτ.).— Ὁ ἀρχηγὸς τῶν ἐνόπλων δυνάμεων συνηντήθη μὲ τὸν ἀνώτατον διοικητὴν τῶν συμμαχικῶν δυνάμεων.

ΒΡΥΞΕΛΛΑΙ, 2 (Ἀθην. Πρακτ.).— Ὁ ἀρχηγὸς τῶν ἐνόπλων δυνάμεων συνηντήθη μὲ τὸν ἀνώτατον διοικητὴν τῶν συμμαχικῶν δυνάμεων.

ΒΡΥΞΕΛΛΑΙ, 2 (Ἀθην. Πρακτ.).— Ὁ ἀρχηγὸς τῶν ἐνόπλων δυνάμεων συνηντήθη μὲ τὸν ἀνώτατον διοικητὴν τῶν συμμαχικῶν δυνάμεων.

ΒΡΥΞΕΛΛΑΙ, 2 (Ἀθην. Πρακτ.).— Ὁ ἀρχηγὸς τῶν ἐνόπλων δυνάμεων συνηντήθη μὲ τὸν ἀνώτατον διοικητὴν τῶν συμμαχικῶν δυνάμεων.

Η ΙΝΔΙΑ ΔΕΝ ΘΕΩΡΕΙ ΕΙΛΙΚΡΙΝΕΙΣ ΤΑΣ ΠΡΟΣΠΑΘΕΙΑΣ ΔΙΑ ΤΗΝ ΚΑΤΑΡΓΗΣΙΝ ΤΩΝ ΠΥΡΗΝΙΚΩΝ ΟΠΛΩΝ ΚΑΙ ΔΙΑ ΤΗΝ ΕΠΙΤΕΥΞΙΝ ΤΟΥ ΓΕΝΙΚΟΥ ΑΦΟΠΛΙΣΜΟΥ

ΗΝΩΜΕΝΑ ΕΘΝΗ, 2 (Ἀσσ. Πρές).— Ὁ ἀντιπρόσωπος τῆς Ἰνδίας ἐδήλωσεν ὅτι αἱ προσπάθειαι τῶν μεγάλων δυνάμεων δὲν εἶναι εἰλικρινεῖς.

ΗΝΩΜΕΝΑ ΕΘΝΗ, 2 (Ἀσσ. Πρές).— Ὁ ἀντιπρόσωπος τῆς Ἰνδίας ἐδήλωσεν ὅτι αἱ προσπάθειαι τῶν μεγάλων δυνάμεων δὲν εἶναι εἰλικρινεῖς.

ΗΝΩΜΕΝΑ ΕΘΝΗ, 2 (Ἀσσ. Πρές).— Ὁ ἀντιπρόσωπος τῆς Ἰνδίας ἐδήλωσεν ὅτι αἱ προσπάθειαι τῶν μεγάλων δυνάμεων δὲν εἶναι εἰλικρινεῖς.

ΗΝΩΜΕΝΑ ΕΘΝΗ, 2 (Ἀσσ. Πρές).— Ὁ ἀντιπρόσωπος τῆς Ἰνδίας ἐδήλωσεν ὅτι αἱ προσπάθειαι τῶν μεγάλων δυνάμεων δὲν εἶναι εἰλικρινεῖς.

ΗΝΩΜΕΝΑ ΕΘΝΗ, 2 (Ἀσσ. Πρές).— Ὁ ἀντιπρόσωπος τῆς Ἰνδίας ἐδήλωσεν ὅτι αἱ προσπάθειαι τῶν μεγάλων δυνάμεων δὲν εἶναι εἰλικρινεῖς.

ΗΝΩΜΕΝΑ ΕΘΝΗ, 2 (Ἀσσ. Πρές).— Ὁ ἀντιπρόσωπος τῆς Ἰνδίας ἐδήλωσεν ὅτι αἱ προσπάθειαι τῶν μεγάλων δυνάμεων δὲν εἶναι εἰλικρινεῖς.

Ο ΣΑΤΟ ΠΡΟΕΚΗΡΥΞΕ ΔΙΑ ΤΗΝ 27ΗΝ ΔΕΚΕΜΒΡΙΟΥ ΓΕΝΙΚΑΣ ΒΟΥΛΕΥΤΙΚΑΣ ΕΚΛΟΓΑΣ ΕΙΣ ΤΗΝ ΙΑΠΩΝΙΑΝ

ΤΟΚΙΟ, 2 (Ρώυτερ).— Ὁ πρωθυπουργὸς τῆς Ἰαπωνίας κ. Σάτο διέλυσε τὴν Βουλὴν καὶ προεκήρυξεν ἐκλογάς.

ΤΟΚΙΟ, 2 (Ρώυτερ).— Ὁ πρωθυπουργὸς τῆς Ἰαπωνίας κ. Σάτο διέλυσε τὴν Βουλὴν καὶ προεκήρυξεν ἐκλογάς.

ΤΟΚΙΟ, 2 (Ρώυτερ).— Ὁ πρωθυπουργὸς τῆς Ἰαπωνίας κ. Σάτο διέλυσε τὴν Βουλὴν καὶ προεκήρυξεν ἐκλογάς.

ΤΟΚΙΟ, 2 (Ρώυτερ).— Ὁ πρωθυπουργὸς τῆς Ἰαπωνίας κ. Σάτο διέλυσε τὴν Βουλὴν καὶ προεκήρυξεν ἐκλογάς.

ΤΟΚΙΟ, 2 (Ρώυτερ).— Ὁ πρωθυπουργὸς τῆς Ἰαπωνίας κ. Σάτο διέλυσε τὴν Βουλὴν καὶ προεκήρυξεν ἐκλογάς.

ΤΟΚΙΟ, 2 (Ρώυτερ).— Ὁ πρωθυπουργὸς τῆς Ἰαπωνίας κ. Σάτο διέλυσε τὴν Βουλὴν καὶ προεκήρυξεν ἐκλογάς.

ΣΥΝΕΛΗΦΘΗΣΑΝ ΕΙΣ ΤΗΝ ΡΩΜΗΝ ΤΑ ΜΕΛΗ ΤΟΥ ΣΥΓΚΡΟΤΗΜΑΤΟΣ «ΖΩΝΤΑΝΟΥ ΘΕΑΤΡΟΥ»

ΡΩΜΗ, 2 (Ἠνωμ. Τύπ.).— Ἡ ἀστυνομία συνέλαβε τὰ μέλη τοῦ θιάσου.

ΡΩΜΗ, 2 (Ἠνωμ. Τύπ.).— Ἡ ἀστυνομία συνέλαβε τὰ μέλη τοῦ θιάσου.

ΡΩΜΗ, 2 (Ἠνωμ. Τύπ.).— Ἡ ἀστυνομία συνέλαβε τὰ μέλη τοῦ θιάσου.

ΡΩΜΗ, 2 (Ἠνωμ. Τύπ.).— Ἡ ἀστυνομία συνέλαβε τὰ μέλη τοῦ θιάσου.

ΡΩΜΗ, 2 (Ἠνωμ. Τύπ.).— Ἡ ἀστυνομία συνέλαβε τὰ μέλη τοῦ θιάσου.

ΡΩΜΗ, 2 (Ἠνωμ. Τύπ.).— Ἡ ἀστυνομία συνέλαβε τὰ μέλη τοῦ θιάσου.

ΤΟ ΒΑΤΙΚΑΝΟΝ ΕΞΑΚΟΛΟΥΘΕΙ ΝΑ ΑΝΤΙΔΡΑ ΕΙΣ ΤΟΝ ΝΕΟΝ ΝΟΜΟΝ ΠΕΡΙ ΤΟΥ ΔΙΑΖΥΓΙΟΥ

ΠΟΛΙΣ ΤΟΥ ΒΑΤΙΚΑΝΟΥ, 2 (Ρώυτερ).— Ἡ ἐφημερὶς τοῦ Βατικανοῦ ἐπιτίθεται ἐκ νέου κατὰ τοῦ νόμου.

ΠΟΛΙΣ ΤΟΥ ΒΑΤΙΚΑΝΟΥ, 2 (Ρώυτερ).— Ἡ ἐφημερὶς τοῦ Βατικανοῦ ἐπιτίθεται ἐκ νέου κατὰ τοῦ νόμου.

ΠΟΛΙΣ ΤΟΥ ΒΑΤΙΚΑΝΟΥ, 2 (Ρώυτερ).— Ἡ ἐφημερὶς τοῦ Βατικανοῦ ἐπιτίθεται ἐκ νέου κατὰ τοῦ νόμου.

ΠΟΛΙΣ ΤΟΥ ΒΑΤΙΚΑΝΟΥ, 2 (Ρώυτερ).— Ἡ ἐφημερὶς τοῦ Βατικανοῦ ἐπιτίθεται ἐκ νέου κατὰ τοῦ νόμου.
